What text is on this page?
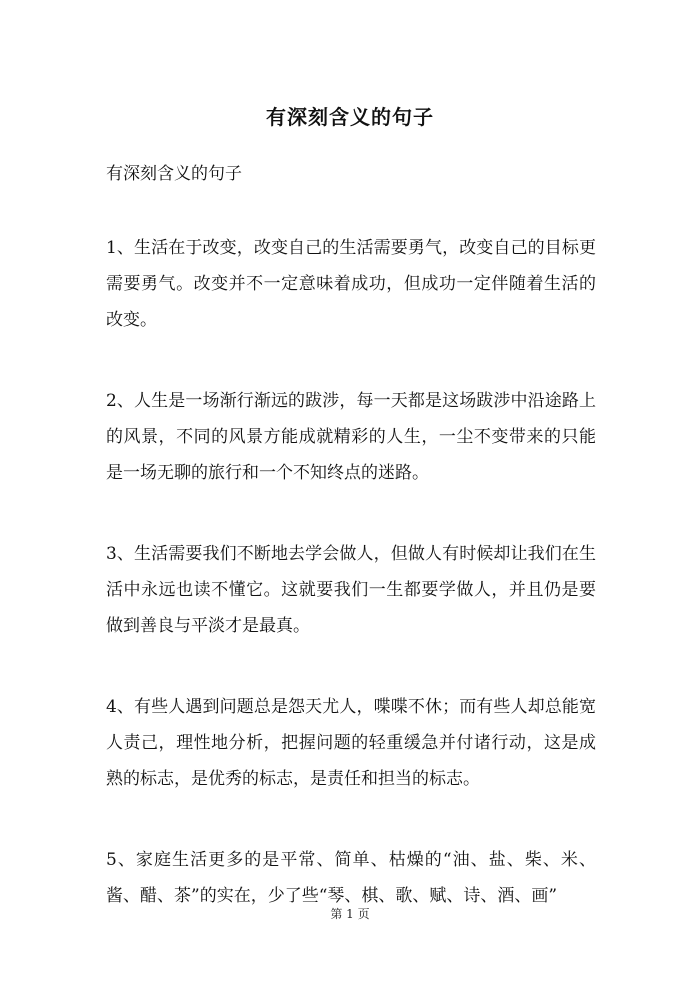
有深刻含义的句子

有深刻含义的句子

1、生活在于改变，改变自己的生活需要勇气，改变自己的目标更需要勇气。改变并不一定意味着成功，但成功一定伴随着生活的改变。

2、人生是一场渐行渐远的跋涉，每一天都是这场跋涉中沿途路上的风景，不同的风景方能成就精彩的人生，一尘不变带来的只能是一场无聊的旅行和一个不知终点的迷路。

3、生活需要我们不断地去学会做人，但做人有时候却让我们在生活中永远也读不懂它。这就要我们一生都要学做人，并且仍是要做到善良与平淡才是最真。

4、有些人遇到问题总是怨天尤人，喋喋不休；而有些人却总能宽人责己，理性地分析，把握问题的轻重缓急并付诸行动，这是成熟的标志，是优秀的标志，是责任和担当的标志。

5、家庭生活更多的是平常、简单、枯燥的“油、盐、柴、米、酱、醋、茶”的实在，少了些“琴、棋、歌、赋、诗、酒、画”

第 1 页
